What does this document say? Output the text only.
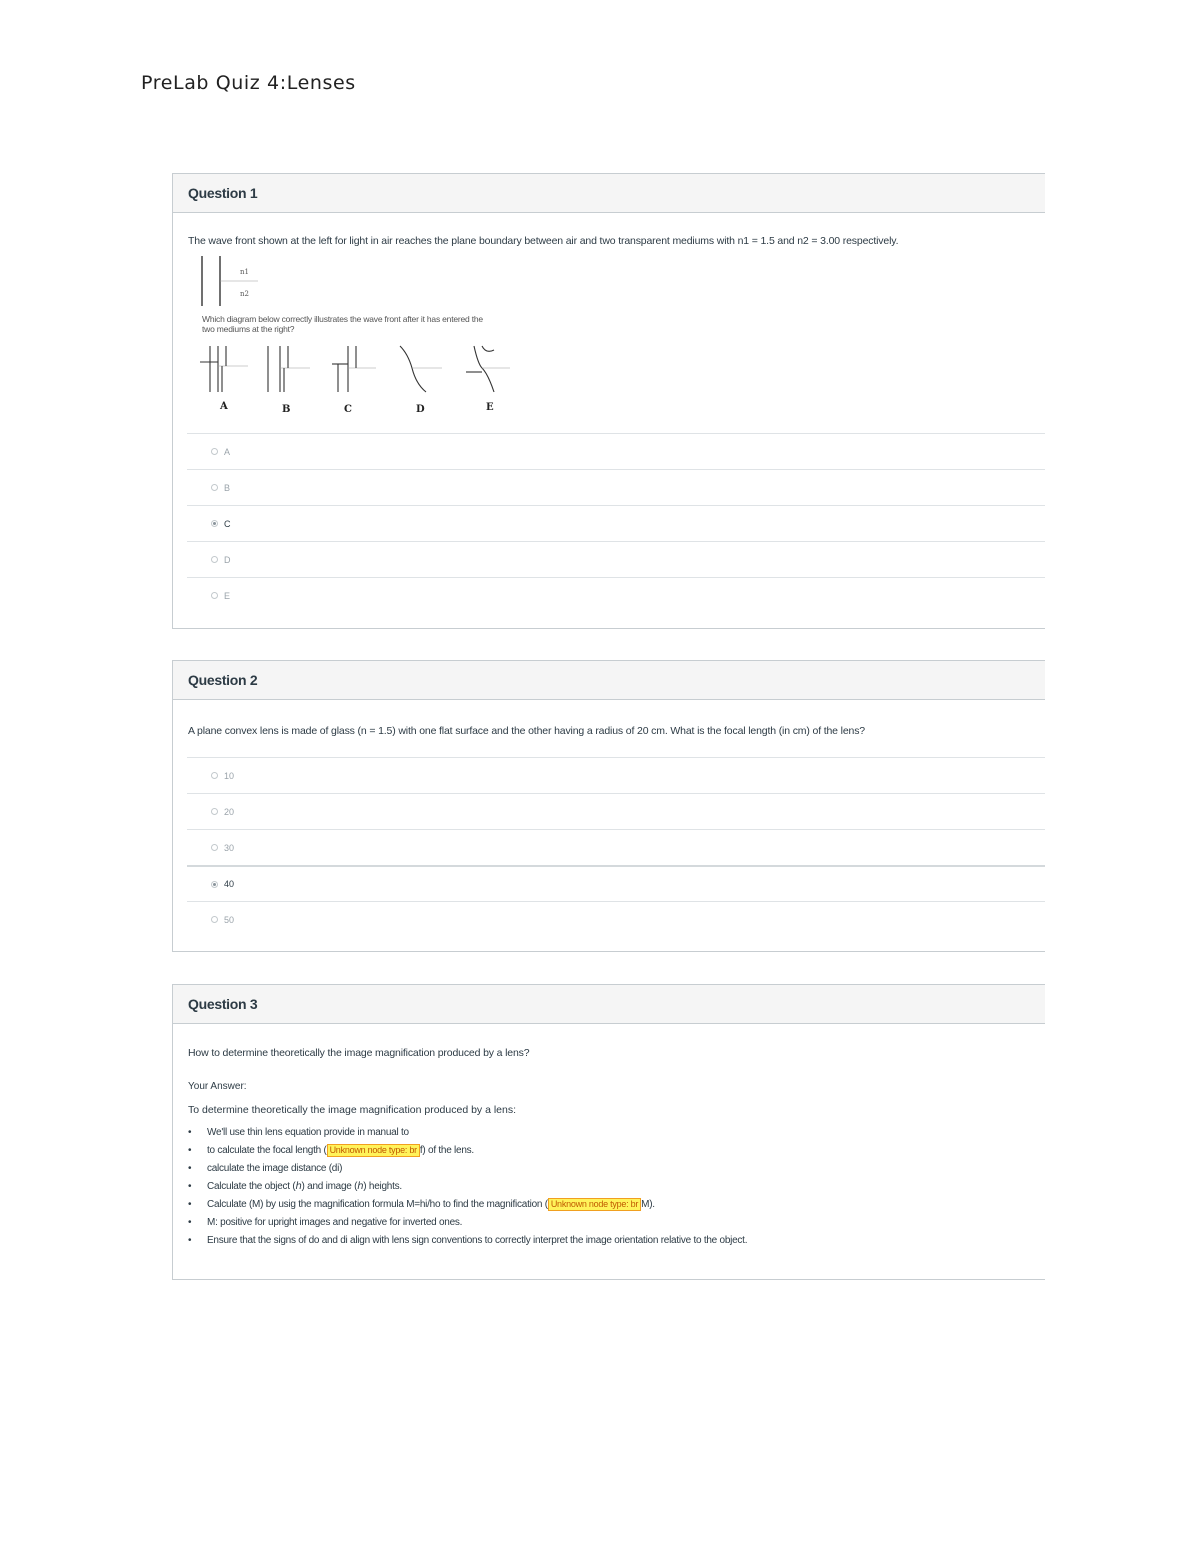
PreLab Quiz 4:Lenses
Question 1
The wave front shown at the left for light in air reaches the plane boundary between air and two transparent mediums with n1 = 1.5 and n2 = 3.00 respectively.
n1
n2
A	B	C	D	E
Which diagram below correctly illustrates the wave front after it has entered the
two mediums at the right?
A
B
C
D
E
Question 2
A plane convex lens is made of glass (n = 1.5) with one flat surface and the other having a radius of 20 cm. What is the focal length (in cm) of the lens?
10
20
30
40
50
Question 3
How to determine theoretically the image magnification produced by a lens?
Your Answer:
To determine theoretically the image magnification produced by a lens:
• We'll use thin lens equation provide in manual to
• to calculate the focal length ( Unknown node type: br f) of the lens.
• calculate the image distance (di)
• Calculate the object (ℎ) and image (ℎ) heights.
• Calculate (M) by usig the magnification formula M=hi/ho to find the magnification ( Unknown node type: br M).
• M: positive for upright images and negative for inverted ones.
• Ensure that the signs of do and di align with lens sign conventions to correctly interpret the image orientation relative to the object.
